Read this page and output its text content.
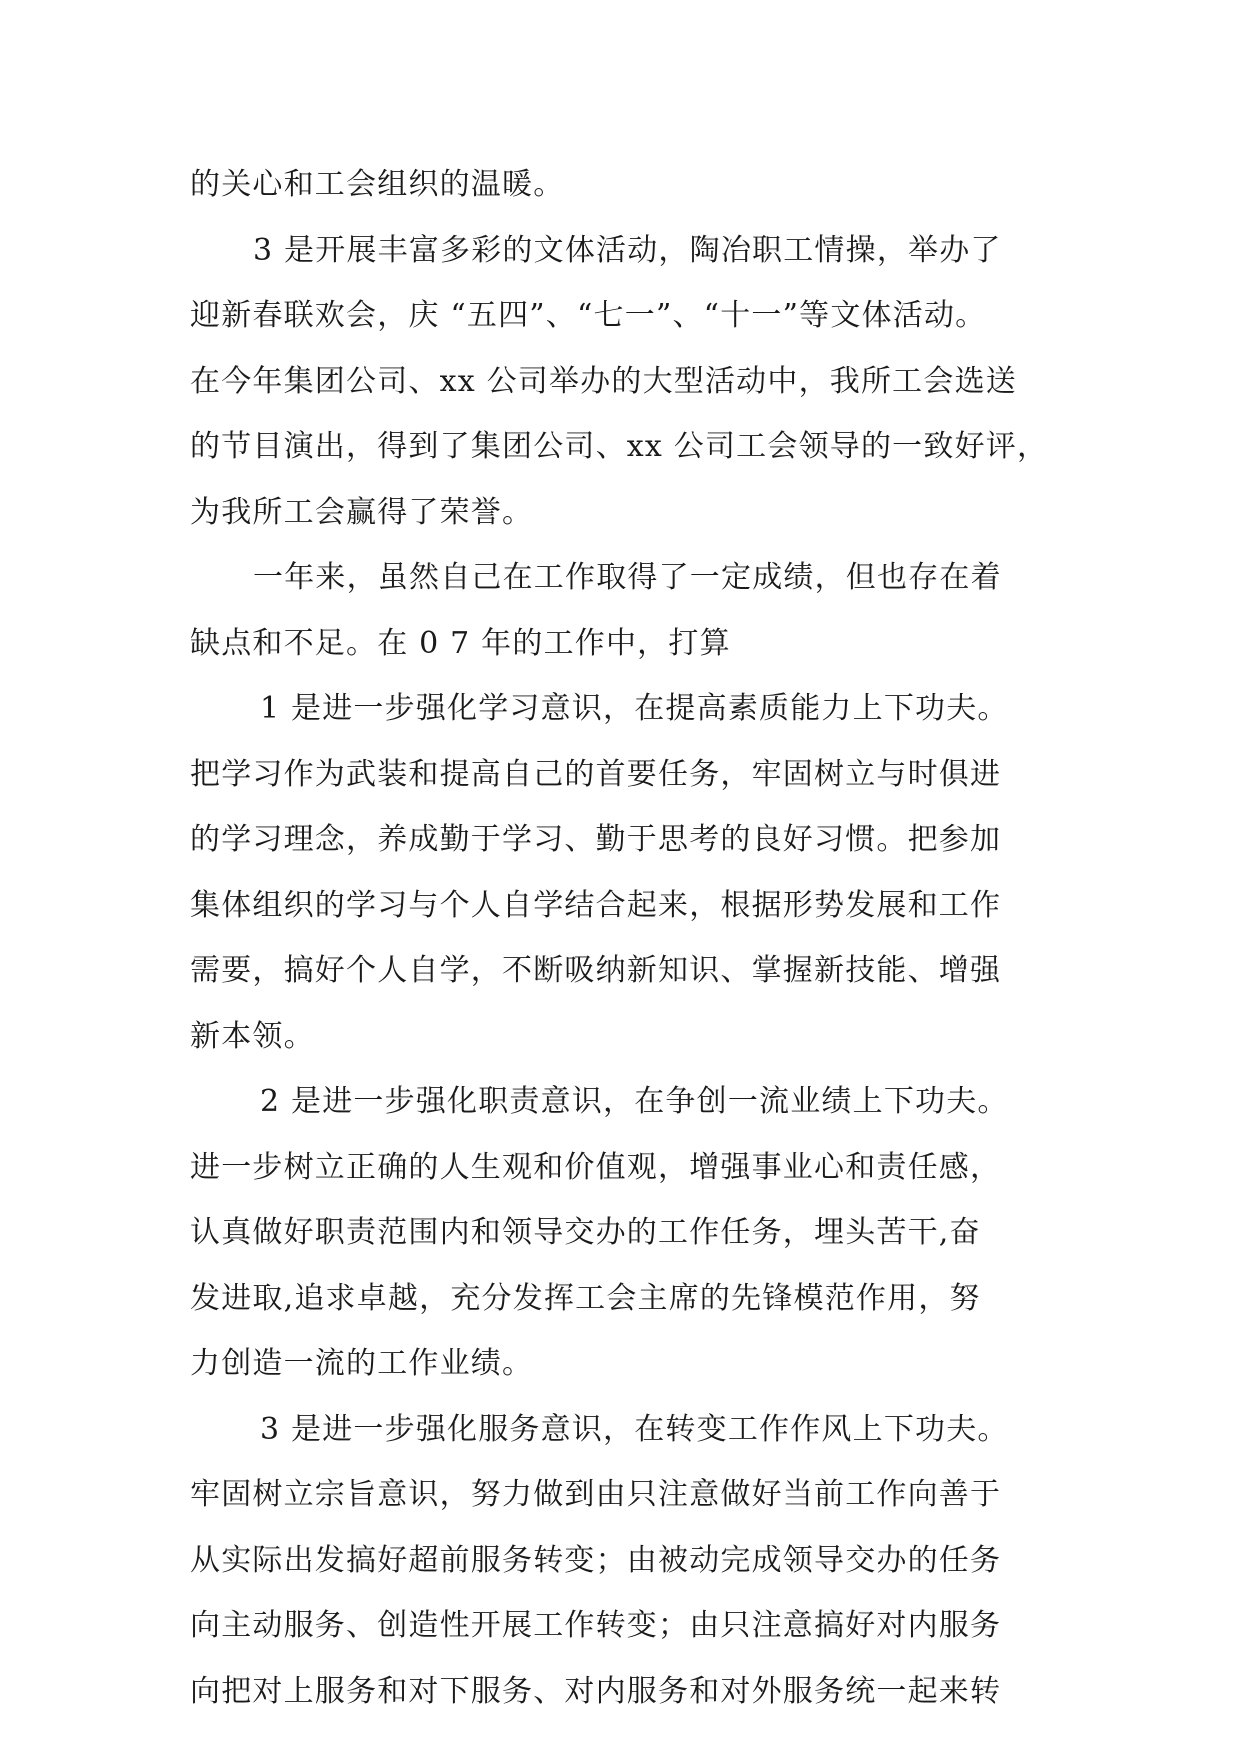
的关心和工会组织的温暖。
3 是开展丰富多彩的文体活动，陶冶职工情操，举办了
迎新春联欢会，庆 “五四”、“七一”、“十一”等文体活动。
在今年集团公司、xx 公司举办的大型活动中，我所工会选送
的节目演出，得到了集团公司、xx 公司工会领导的一致好评，
为我所工会赢得了荣誉。
一年来，虽然自己在工作取得了一定成绩，但也存在着
缺点和不足。在 0 7 年的工作中，打算
1 是进一步强化学习意识，在提高素质能力上下功夫。
把学习作为武装和提高自己的首要任务，牢固树立与时俱进
的学习理念，养成勤于学习、勤于思考的良好习惯。把参加
集体组织的学习与个人自学结合起来，根据形势发展和工作
需要，搞好个人自学，不断吸纳新知识、掌握新技能、增强
新本领。
2 是进一步强化职责意识，在争创一流业绩上下功夫。
进一步树立正确的人生观和价值观，增强事业心和责任感，
认真做好职责范围内和领导交办的工作任务，埋头苦干,奋
发进取,追求卓越，充分发挥工会主席的先锋模范作用，努
力创造一流的工作业绩。
3 是进一步强化服务意识，在转变工作作风上下功夫。
牢固树立宗旨意识，努力做到由只注意做好当前工作向善于
从实际出发搞好超前服务转变；由被动完成领导交办的任务
向主动服务、创造性开展工作转变；由只注意搞好对内服务
向把对上服务和对下服务、对内服务和对外服务统一起来转
